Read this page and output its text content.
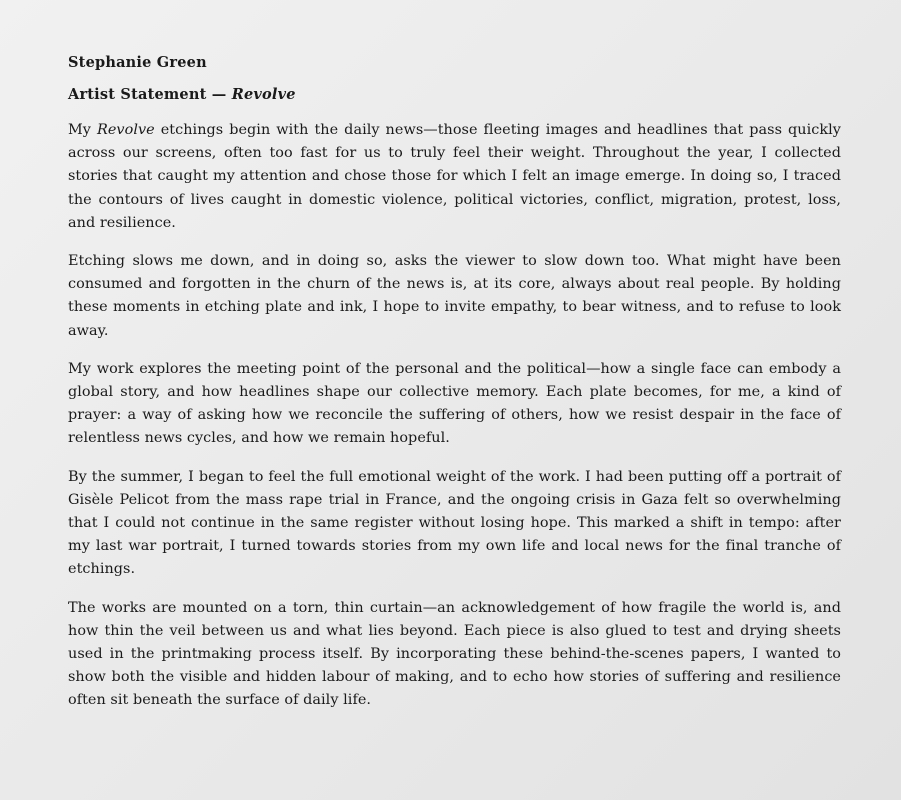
Stephanie Green
Artist Statement — Revolve

My Revolve etchings begin with the daily news—those fleeting images and headlines that pass quickly across our screens, often too fast for us to truly feel their weight. Throughout the year, I collected stories that caught my attention and chose those for which I felt an image emerge. In doing so, I traced the contours of lives caught in domestic violence, political victories, conflict, migration, protest, loss, and resilience.

Etching slows me down, and in doing so, asks the viewer to slow down too. What might have been consumed and forgotten in the churn of the news is, at its core, always about real people. By holding these moments in etching plate and ink, I hope to invite empathy, to bear witness, and to refuse to look away.

My work explores the meeting point of the personal and the political—how a single face can embody a global story, and how headlines shape our collective memory. Each plate becomes, for me, a kind of prayer: a way of asking how we reconcile the suffering of others, how we resist despair in the face of relentless news cycles, and how we remain hopeful.

By the summer, I began to feel the full emotional weight of the work. I had been putting off a portrait of Gisèle Pelicot from the mass rape trial in France, and the ongoing crisis in Gaza felt so overwhelming that I could not continue in the same register without losing hope. This marked a shift in tempo: after my last war portrait, I turned towards stories from my own life and local news for the final tranche of etchings.

The works are mounted on a torn, thin curtain—an acknowledgement of how fragile the world is, and how thin the veil between us and what lies beyond. Each piece is also glued to test and drying sheets used in the printmaking process itself. By incorporating these behind-the-scenes papers, I wanted to show both the visible and hidden labour of making, and to echo how stories of suffering and resilience often sit beneath the surface of daily life.
